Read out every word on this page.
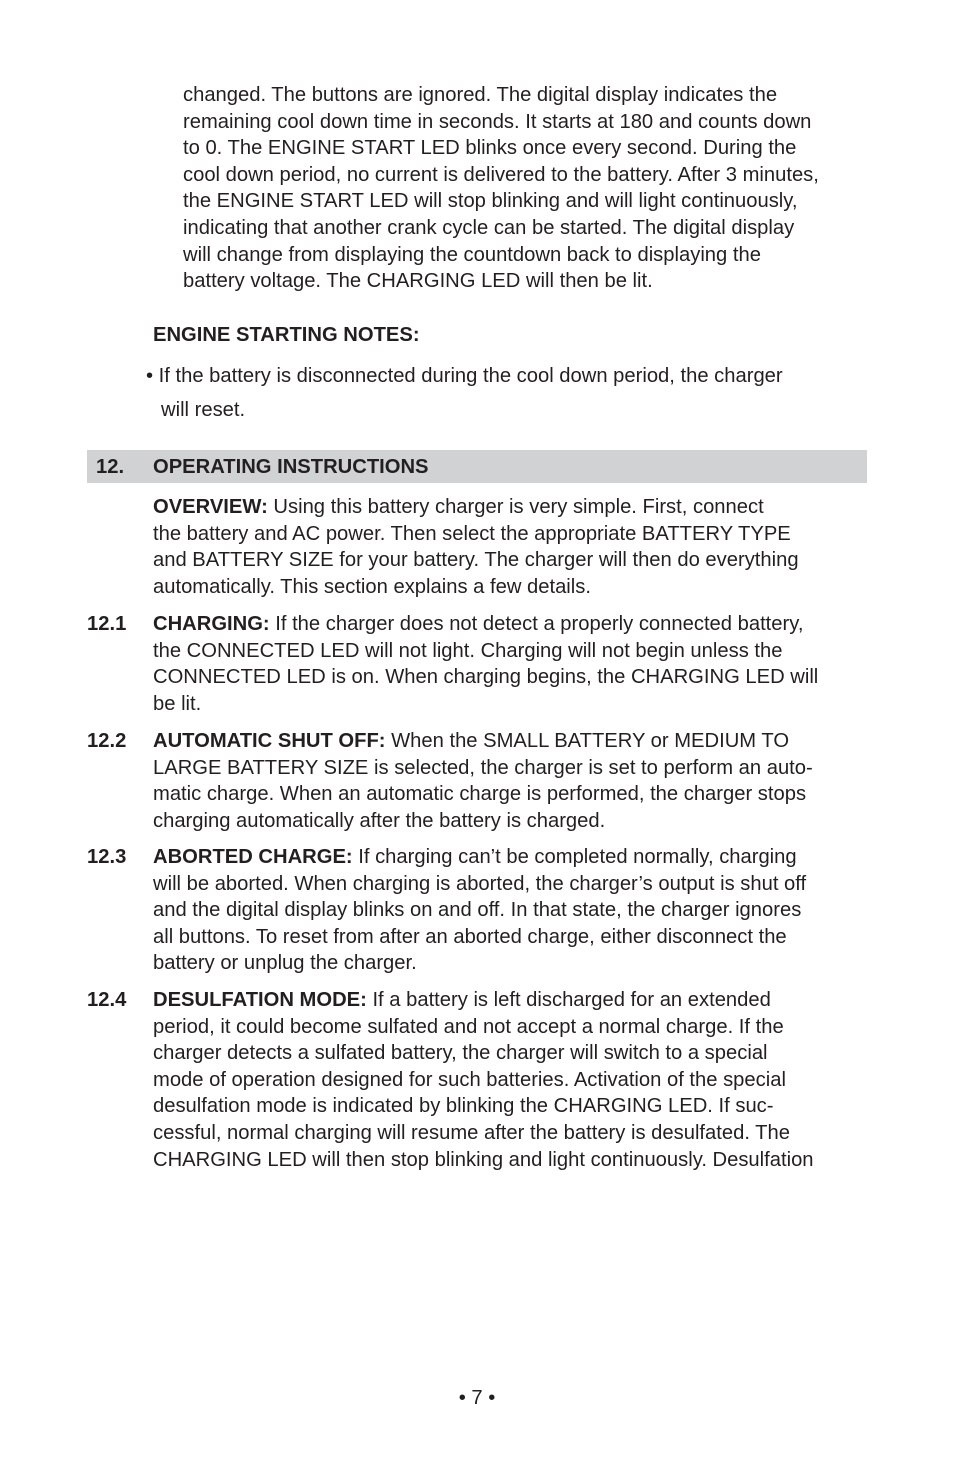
changed. The buttons are ignored. The digital display indicates the
remaining cool down time in seconds. It starts at 180 and counts down
to 0. The ENGINE START LED blinks once every second. During the
cool down period, no current is delivered to the battery. After 3 minutes,
the ENGINE START LED will stop blinking and will light continuously,
indicating that another crank cycle can be started. The digital display
will change from displaying the countdown back to displaying the
battery voltage. The CHARGING LED will then be lit.
ENGINE STARTING NOTES:
• If the battery is disconnected during the cool down period, the charger
will reset.
12. OPERATING INSTRUCTIONS
OVERVIEW: Using this battery charger is very simple. First, connect
the battery and AC power. Then select the appropriate BATTERY TYPE
and BATTERY SIZE for your battery. The charger will then do everything
automatically. This section explains a few details.
12.1 CHARGING: If the charger does not detect a properly connected battery,
the CONNECTED LED will not light. Charging will not begin unless the
CONNECTED LED is on. When charging begins, the CHARGING LED will
be lit.
12.2 AUTOMATIC SHUT OFF: When the SMALL BATTERY or MEDIUM TO
LARGE BATTERY SIZE is selected, the charger is set to perform an auto-
matic charge. When an automatic charge is performed, the charger stops
charging automatically after the battery is charged.
12.3 ABORTED CHARGE: If charging can’t be completed normally, charging
will be aborted. When charging is aborted, the charger’s output is shut off
and the digital display blinks on and off. In that state, the charger ignores
all buttons. To reset from after an aborted charge, either disconnect the
battery or unplug the charger.
12.4 DESULFATION MODE: If a battery is left discharged for an extended
period, it could become sulfated and not accept a normal charge. If the
charger detects a sulfated battery, the charger will switch to a special
mode of operation designed for such batteries. Activation of the special
desulfation mode is indicated by blinking the CHARGING LED. If suc-
cessful, normal charging will resume after the battery is desulfated. The
CHARGING LED will then stop blinking and light continuously. Desulfation
• 7 •
